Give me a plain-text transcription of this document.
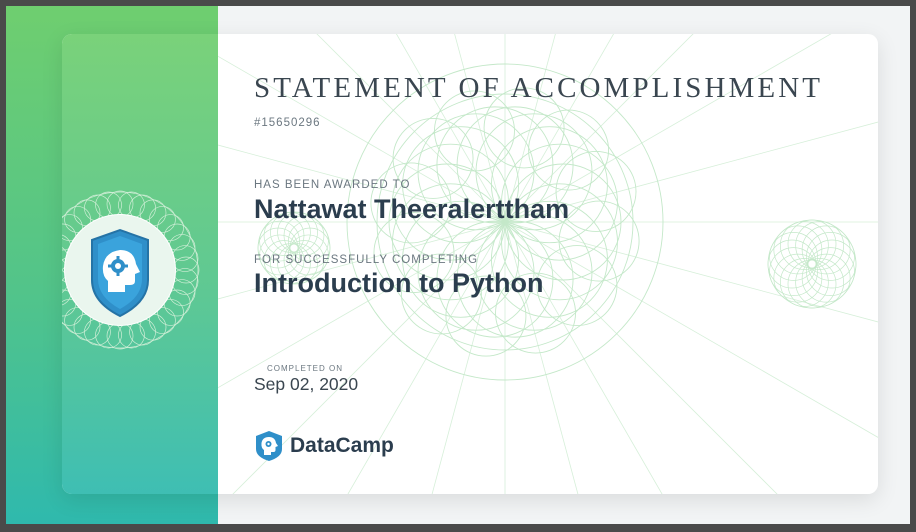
STATEMENT OF ACCOMPLISHMENT
#15650296
HAS BEEN AWARDED TO
Nattawat Theeralerttham
FOR SUCCESSFULLY COMPLETING
Introduction to Python
COMPLETED ON
Sep 02, 2020
DataCamp
